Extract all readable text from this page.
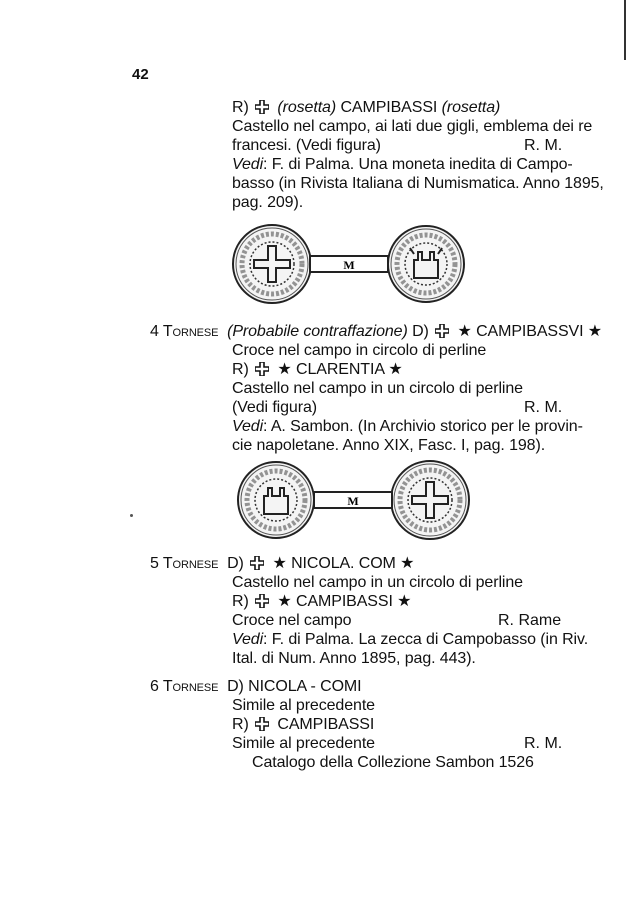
42
R) (rosetta) CAMPIBASSI (rosetta)
Castello nel campo, ai lati due gigli, emblema dei re
francesi. (Vedi figura)	R. M.
Vedi: F. di Palma. Una moneta inedita di Campo-
basso (in Rivista Italiana di Numismatica. Anno 1895,
pag. 209).
M
4 Tornese (Probabile contraffazione) D) ★ CAMPIBASSVI ★
Croce nel campo in circolo di perline
R) ★ CLARENTIA ★
Castello nel campo in un circolo di perline
(Vedi figura)	R. M.
Vedi: A. Sambon. (In Archivio storico per le provin-
cie napoletane. Anno XIX, Fasc. I, pag. 198).
M
5 Tornese D) ★ NICOLA. COM ★
Castello nel campo in un circolo di perline
R) ★ CAMPIBASSI ★
Croce nel campo	R. Rame
Vedi: F. di Palma. La zecca di Campobasso (in Riv.
Ital. di Num. Anno 1895, pag. 443).
6 Tornese D) NICOLA - COMI
Simile al precedente
R) CAMPIBASSI
Simile al precedente	R. M.
Catalogo della Collezione Sambon 1526
